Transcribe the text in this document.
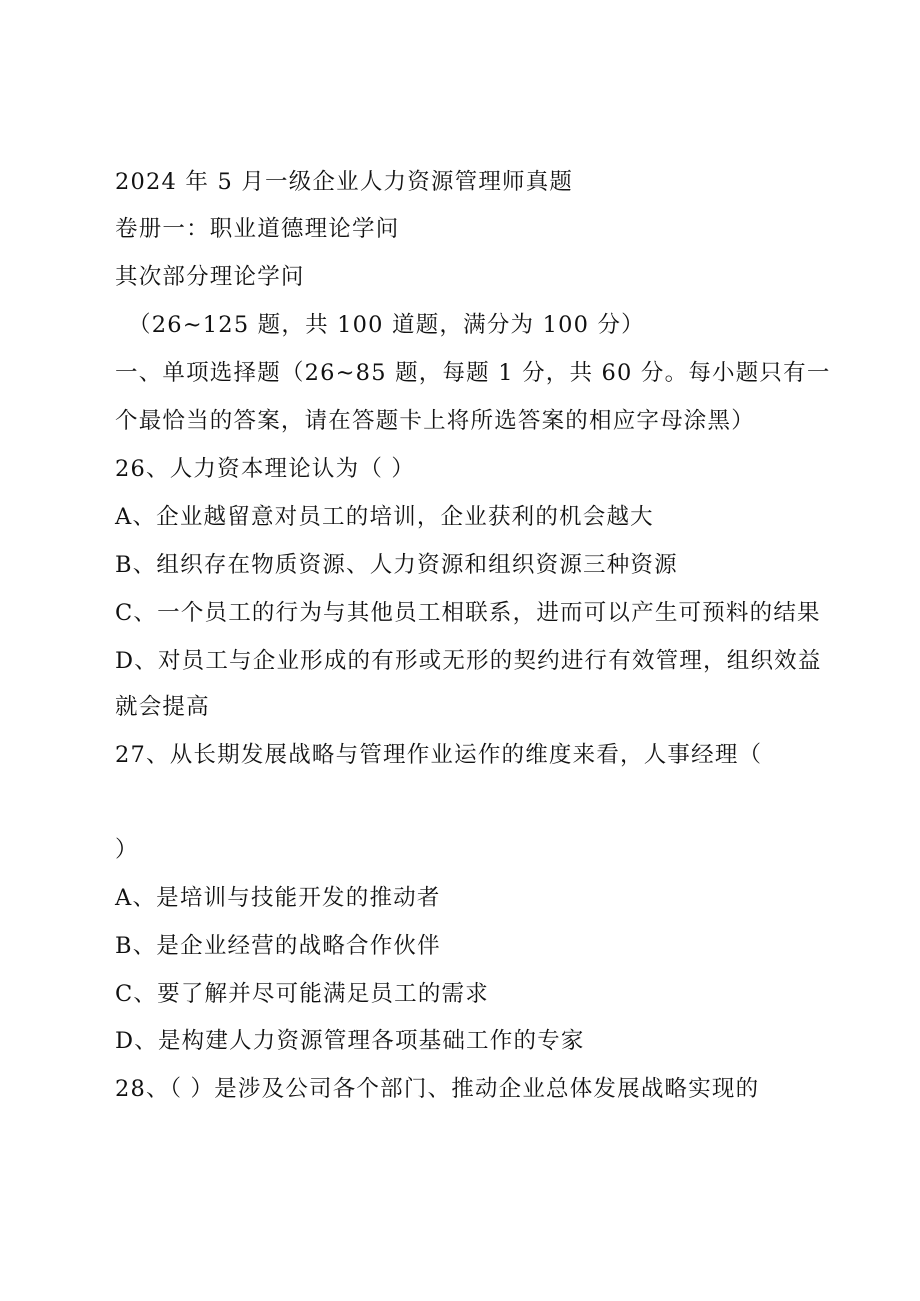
2024 年 5 月一级企业人力资源管理师真题
卷册一：职业道德理论学问
其次部分理论学问
（26~125 题，共 100 道题，满分为 100 分）
一、单项选择题（26~85 题，每题 1 分，共 60 分。每小题只有一
个最恰当的答案，请在答题卡上将所选答案的相应字母涂黑）
26、人力资本理论认为（ ）
A、企业越留意对员工的培训，企业获利的机会越大
B、组织存在物质资源、人力资源和组织资源三种资源
C、一个员工的行为与其他员工相联系，进而可以产生可预料的结果
D、对员工与企业形成的有形或无形的契约进行有效管理，组织效益
就会提高
27、从长期发展战略与管理作业运作的维度来看，人事经理（
）
A、是培训与技能开发的推动者
B、是企业经营的战略合作伙伴
C、要了解并尽可能满足员工的需求
D、是构建人力资源管理各项基础工作的专家
28、（ ）是涉及公司各个部门、推动企业总体发展战略实现的
